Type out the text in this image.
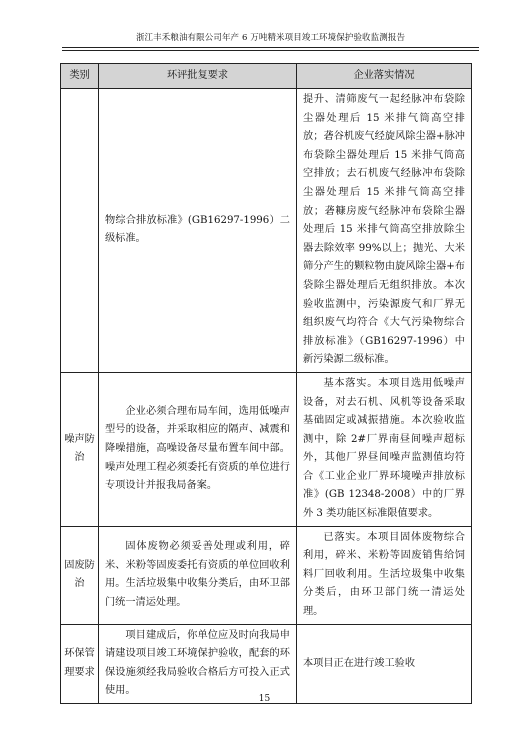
浙江丰禾粮油有限公司年产 6 万吨精米项目竣工环境保护验收监测报告
类别	环评批复要求	企业落实情况
	物综合排放标准》(GB16297-1996）二级标准。	提升、清筛废气一起经脉冲布袋除尘器处理后 15 米排气筒高空排放；砻谷机废气经旋风除尘器+脉冲布袋除尘器处理后 15 米排气筒高空排放；去石机废气经脉冲布袋除尘器处理后 15 米排气筒高空排放；砻糠房废气经脉冲布袋除尘器处理后 15 米排气筒高空排放除尘器去除效率 99%以上；抛光、大米筛分产生的颗粒物由旋风除尘器+布袋除尘器处理后无组织排放。本次验收监测中，污染源废气和厂界无组织废气均符合《大气污染物综合排放标准》（GB16297-1996）中新污染源二级标准。
噪声防治	企业必须合理布局车间，选用低噪声型号的设备，并采取相应的隔声、减震和降噪措施，高噪设备尽量布置车间中部。噪声处理工程必须委托有资质的单位进行专项设计并报我局备案。	基本落实。本项目选用低噪声设备，对去石机、风机等设备采取基础固定或减振措施。本次验收监测中，除 2#厂界南昼间噪声超标外，其他厂界昼间噪声监测值均符合《工业企业厂界环境噪声排放标准》(GB 12348-2008）中的厂界外 3 类功能区标准限值要求。
固废防治	固体废物必须妥善处理或利用，碎米、米粉等固废委托有资质的单位回收利用。生活垃圾集中收集分类后，由环卫部门统一清运处理。	已落实。本项目固体废物综合利用，碎米、米粉等固废销售给饲料厂回收利用。生活垃圾集中收集分类后，由环卫部门统一清运处理。
环保管理要求	项目建成后，你单位应及时向我局申请建设项目竣工环境保护验收，配套的环保设施须经我局验收合格后方可投入正式使用。	本项目正在进行竣工验收
15
